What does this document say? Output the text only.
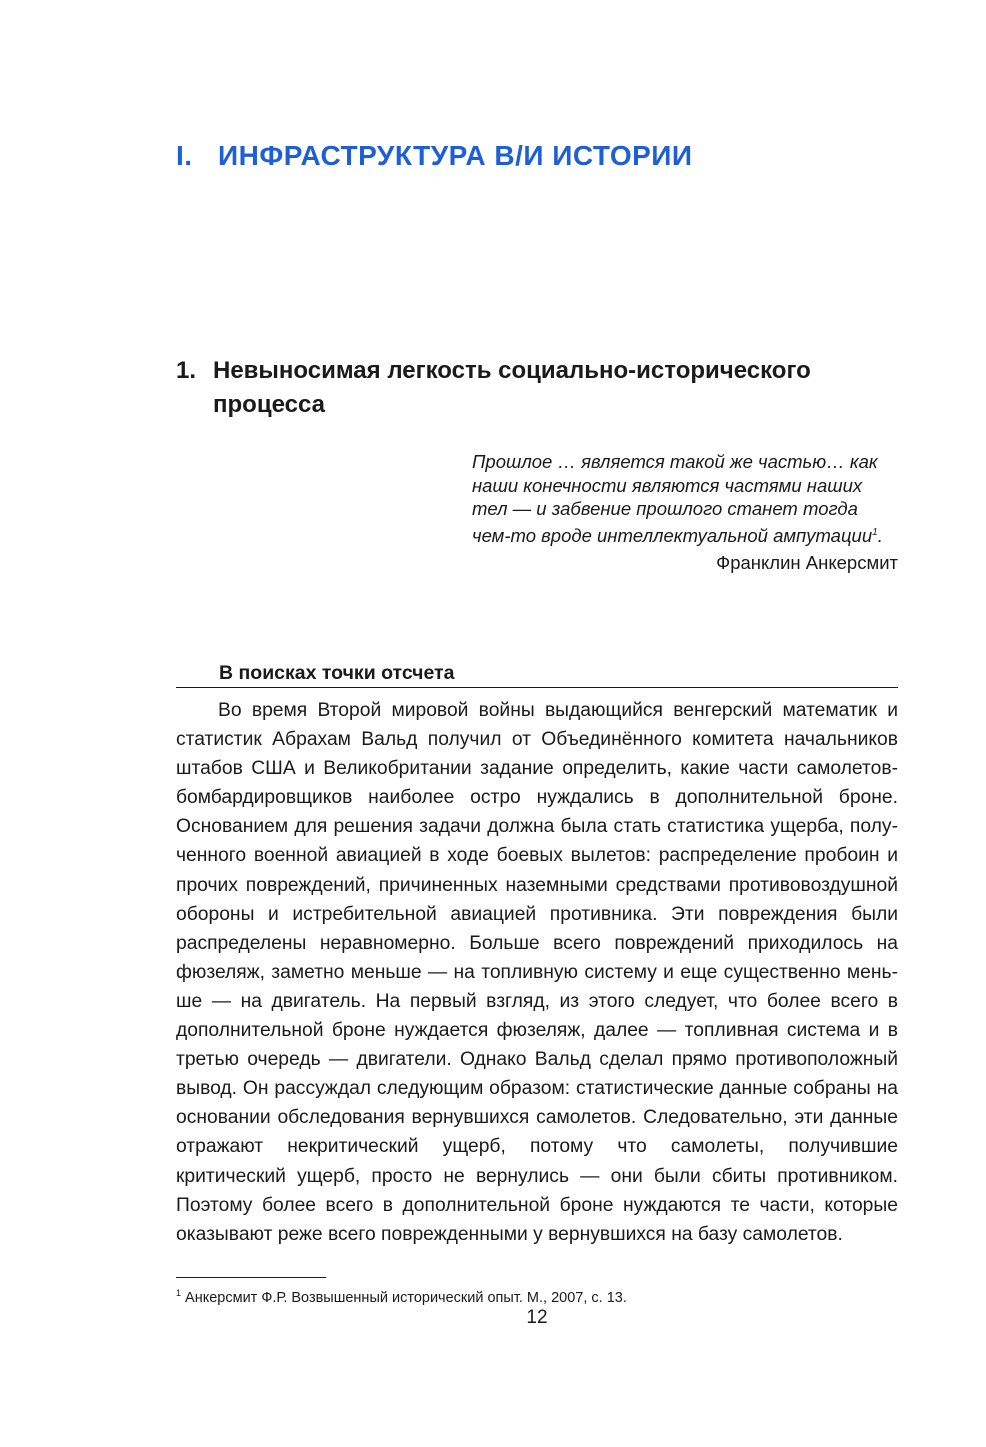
I. ИНФРАСТРУКТУРА В/И ИСТОРИИ
1. Невыносимая легкость социально-исторического процесса

Прошлое … является такой же частью… как наши конечности являются частями наших тел — и забвение прошлого станет тогда чем-то вроде интеллектуальной ампутации$^1$.

Франклин Анкерсмит

В поисках точки отсчета

Во время Второй мировой войны выдающийся венгерский математик и статистик Абрахам Вальд получил от Объединённого комитета начальников штабов США и Великобритании задание определить, какие части самолетов-бомбардировщиков наиболее остро нуждались в дополнительной броне. Основанием для решения задачи должна была стать статистика ущерба, полученного военной авиацией в ходе боевых вылетов: распределение пробоин и прочих повреждений, причиненных наземными средствами противовоздушной обороны и истребительной авиацией противника. Эти повреждения были распределены неравномерно. Больше всего повреждений приходилось на фюзеляж, заметно меньше — на топливную систему и еще существенно меньше — на двигатель. На первый взгляд, из этого следует, что более всего в дополнительной броне нуждается фюзеляж, далее — топливная система и в третью очередь — двигатели. Однако Вальд сделал прямо противоположный вывод. Он рассуждал следующим образом: статистические данные собраны на основании обследования вернувшихся самолетов. Следовательно, эти данные отражают некритический ущерб, потому что самолеты, получившие критический ущерб, просто не вернулись — они были сбиты противником. Поэтому более всего в дополнительной броне нуждаются те части, которые оказывают реже всего поврежденными у вернувшихся на базу самолетов.

$^1$ Анкерсмит Ф.Р. Возвышенный исторический опыт. М., 2007, с. 13.

12
